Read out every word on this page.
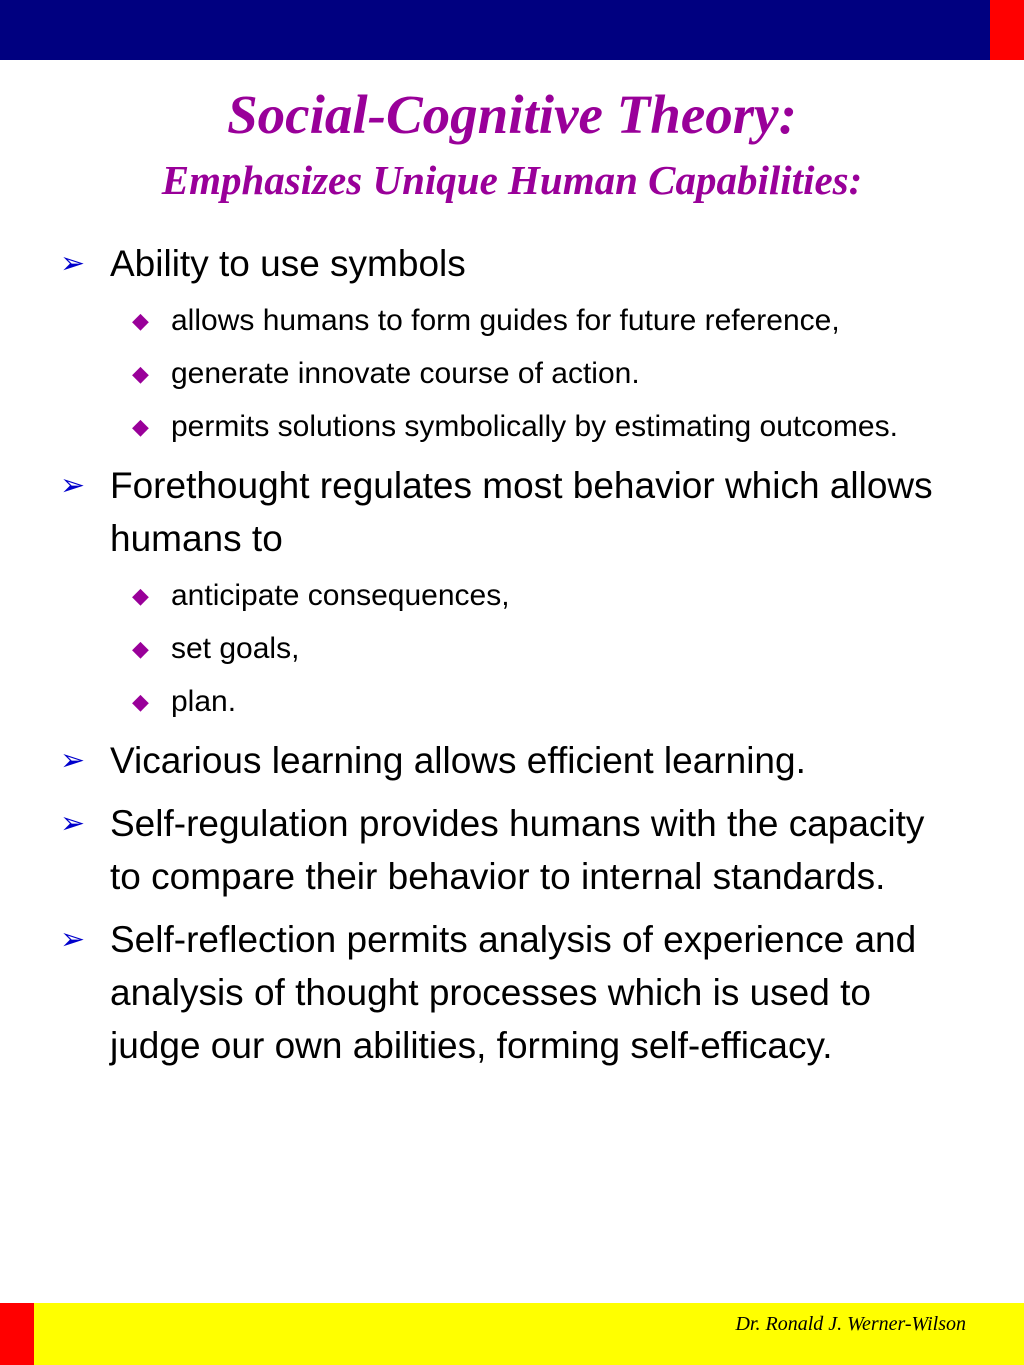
Social-Cognitive Theory:
Emphasizes Unique Human Capabilities:
➢ Ability to use symbols
◆ allows humans to form guides for future reference,
◆ generate innovate course of action.
◆ permits solutions symbolically by estimating outcomes.
➢ Forethought regulates most behavior which allows humans to
◆ anticipate consequences,
◆ set goals,
◆ plan.
➢ Vicarious learning allows efficient learning.
➢ Self-regulation provides humans with the capacity to compare their behavior to internal standards.
➢ Self-reflection permits analysis of experience and analysis of thought processes which is used to judge our own abilities, forming self-efficacy.
Dr. Ronald J. Werner-Wilson
